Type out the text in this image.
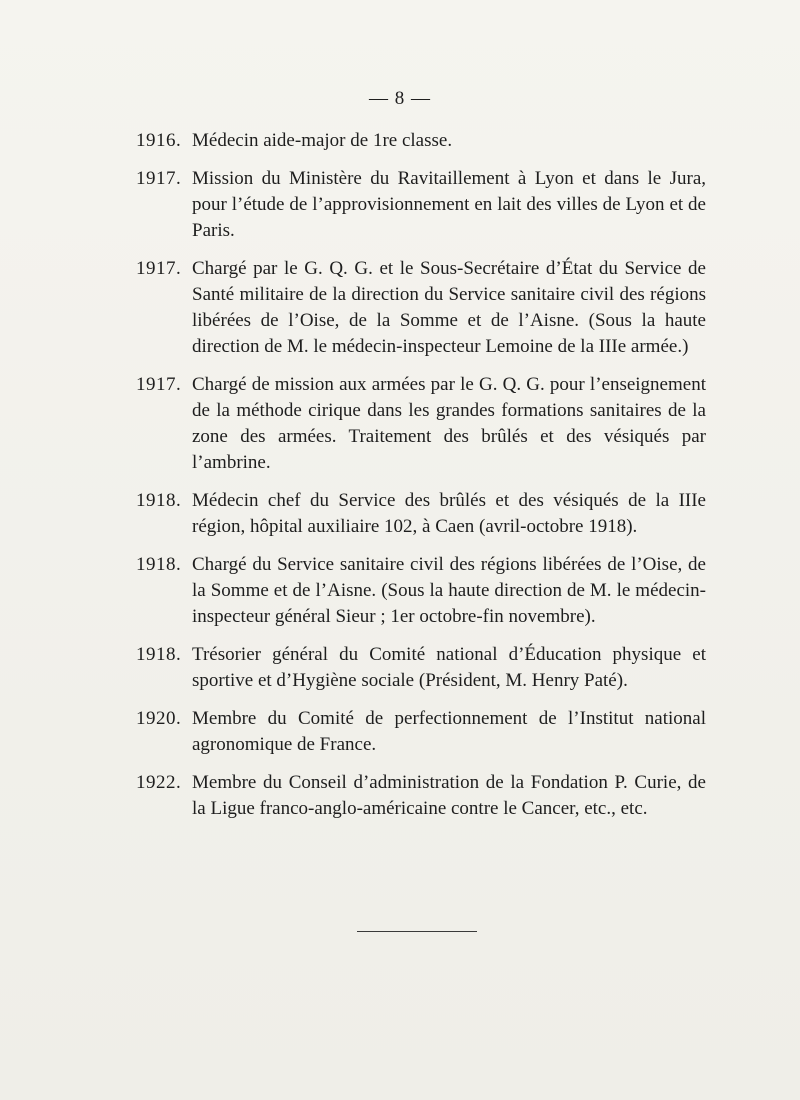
— 8 —
1916. Médecin aide-major de 1re classe.
1917. Mission du Ministère du Ravitaillement à Lyon et dans le Jura, pour l’étude de l’approvisionnement en lait des villes de Lyon et de Paris.
1917. Chargé par le G. Q. G. et le Sous-Secrétaire d’État du Service de Santé militaire de la direction du Service sanitaire civil des régions libérées de l’Oise, de la Somme et de l’Aisne. (Sous la haute direction de M. le médecin-inspecteur Lemoine de la IIIe armée.)
1917. Chargé de mission aux armées par le G. Q. G. pour l’enseignement de la méthode cirique dans les grandes formations sanitaires de la zone des armées. Traitement des brûlés et des vésiqués par l’ambrine.
1918. Médecin chef du Service des brûlés et des vésiqués de la IIIe région, hôpital auxiliaire 102, à Caen (avril-octobre 1918).
1918. Chargé du Service sanitaire civil des régions libérées de l’Oise, de la Somme et de l’Aisne. (Sous la haute direction de M. le médecin-inspecteur général Sieur ; 1er octobre-fin novembre).
1918. Trésorier général du Comité national d’Éducation physique et sportive et d’Hygiène sociale (Président, M. Henry Paté).
1920. Membre du Comité de perfectionnement de l’Institut national agronomique de France.
1922. Membre du Conseil d’administration de la Fondation P. Curie, de la Ligue franco-anglo-américaine contre le Cancer, etc., etc.
